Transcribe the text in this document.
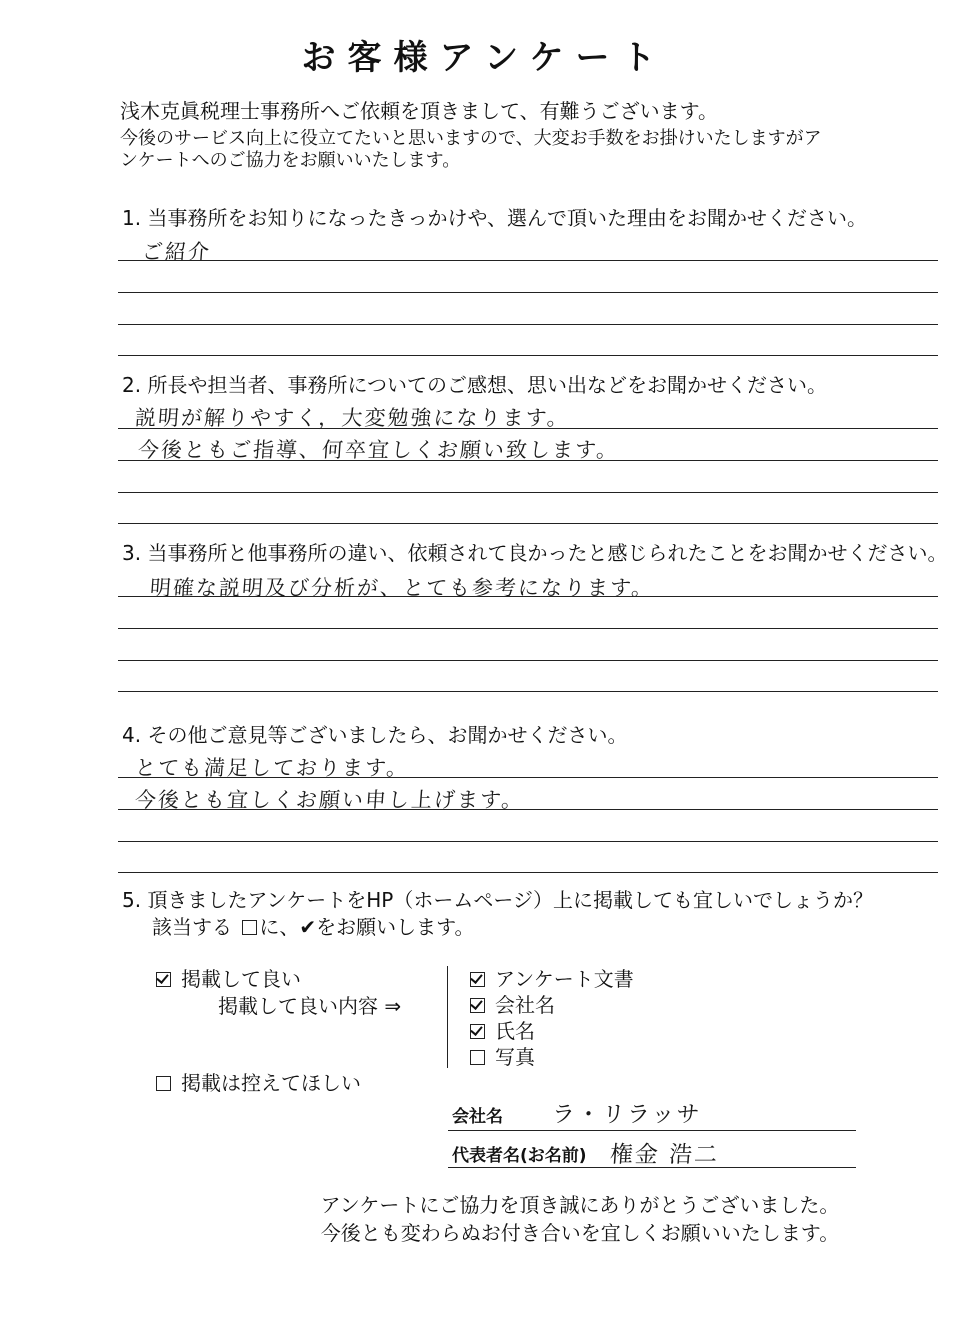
お客様アンケート
浅木克眞税理士事務所へご依頼を頂きまして、有難うございます。
今後のサービス向上に役立てたいと思いますので、大変お手数をお掛けいたしますがア
ンケートへのご協力をお願いいたします。
1. 当事務所をお知りになったきっかけや、選んで頂いた理由をお聞かせください。
ご紹介
2. 所長や担当者、事務所についてのご感想、思い出などをお聞かせください。
説明が解りやすく，大変勉強になります。
今後ともご指導、何卒宜しくお願い致します。
3. 当事務所と他事務所の違い、依頼されて良かったと感じられたことをお聞かせください。
明確な説明及び分析が、とても参考になります。
4. その他ご意見等ございましたら、お聞かせください。
とても満足しております。
今後とも宜しくお願い申し上げます。
5. 頂きましたアンケートをHP（ホームページ）上に掲載しても宜しいでしょうか？
該当する に、✔をお願いします。
掲載して良い
掲載して良い内容 ⇒
アンケート文書
会社名
氏名
写真
掲載は控えてほしい
会社名 ラ・リラッサ
代表者名(お名前) 権金 浩二
アンケートにご協力を頂き誠にありがとうございました。
今後とも変わらぬお付き合いを宜しくお願いいたします。
